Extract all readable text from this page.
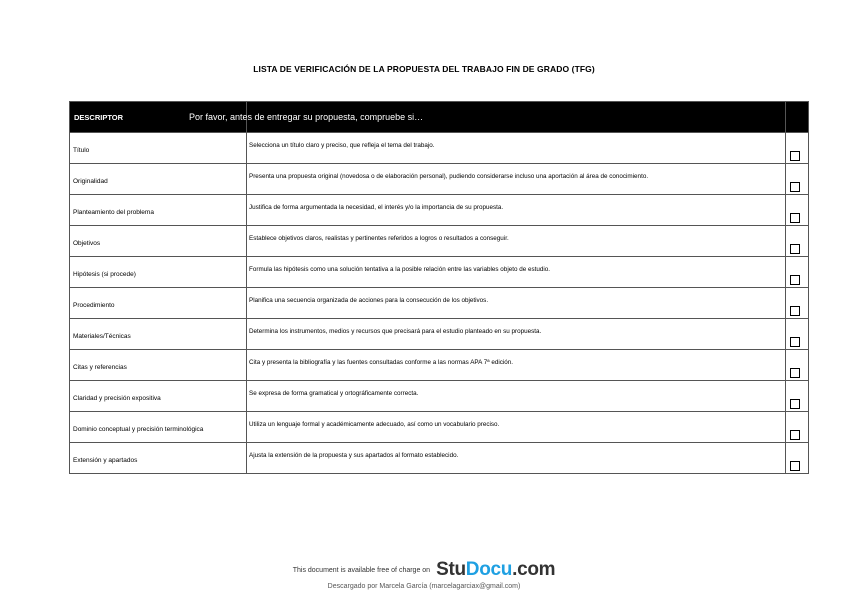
LISTA DE VERIFICACIÓN DE LA PROPUESTA DEL TRABAJO FIN DE GRADO (TFG)
DESCRIPTOR	Por favor, antes de entregar su propuesta, compruebe si…	
Título	Selecciona un título claro y preciso, que refleja el tema del trabajo.	

Originalidad	Presenta una propuesta original (novedosa o de elaboración personal), pudiendo considerarse incluso una aportación al área de conocimiento.	

Planteamiento del problema	Justifica de forma argumentada la necesidad, el interés y/o la importancia de su propuesta.	

Objetivos	Establece objetivos claros, realistas y pertinentes referidos a logros o resultados a conseguir.	

Hipótesis (si procede)	Formula las hipótesis como una solución tentativa a la posible relación entre las variables objeto de estudio.	

Procedimiento	Planifica una secuencia organizada de acciones para la consecución de los objetivos.	

Materiales/Técnicas	Determina los instrumentos, medios y recursos que precisará para el estudio planteado en su propuesta.	

Citas y referencias	Cita y presenta la bibliografía y las fuentes consultadas conforme a las normas APA 7ª edición.	

Claridad y precisión expositiva	Se expresa de forma gramatical y ortográficamente correcta.	

Dominio conceptual y precisión terminológica	Utiliza un lenguaje formal y académicamente adecuado, así como un vocabulario preciso.	

Extensión y apartados	Ajusta la extensión de la propuesta y sus apartados al formato establecido.	

This document is available free of charge on StuDocu.com
Descargado por Marcela García (marcelagarciax@gmail.com)
